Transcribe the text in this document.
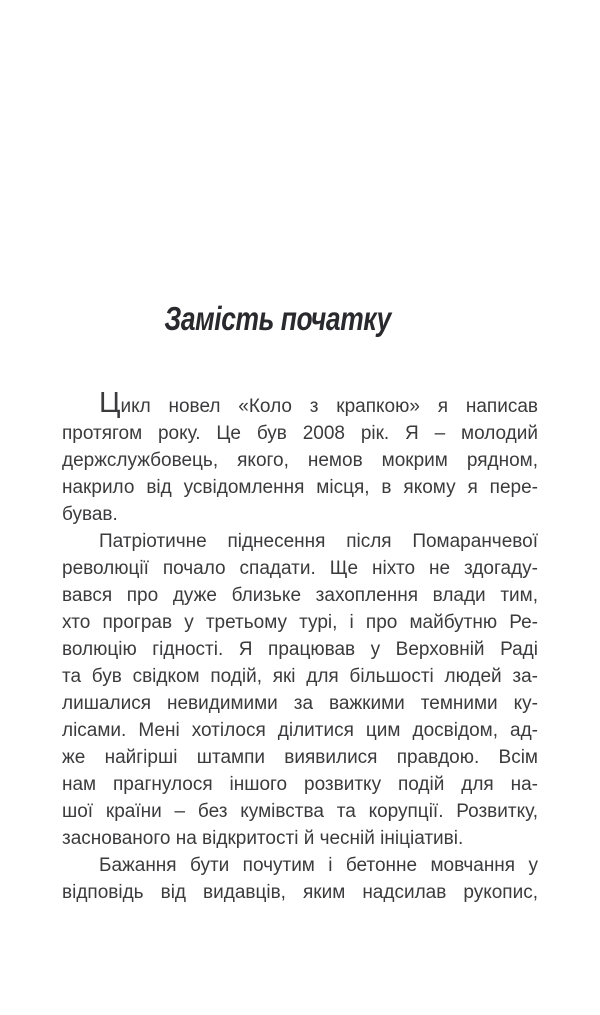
Замість початку
Цикл новел «Коло з крапкою» я написав
протягом року. Це був 2008 рік. Я – молодий
держслужбовець, якого, немов мокрим рядном,
накрило від усвідомлення місця, в якому я пере-
бував.
Патріотичне піднесення після Помаранчевої
революції почало спадати. Ще ніхто не здогаду-
вався про дуже близьке захоплення влади тим,
хто програв у третьому турі, і про майбутню Ре-
волюцію гідності. Я працював у Верховній Раді
та був свідком подій, які для більшості людей за-
лишалися невидимими за важкими темними ку-
лісами. Мені хотілося ділитися цим досвідом, ад-
же найгірші штампи виявилися правдою. Всім
нам прагнулося іншого розвитку подій для на-
шої країни – без кумівства та корупції. Розвитку,
заснованого на відкритості й чесній ініціативі.
Бажання бути почутим і бетонне мовчання у
відповідь від видавців, яким надсилав рукопис,
